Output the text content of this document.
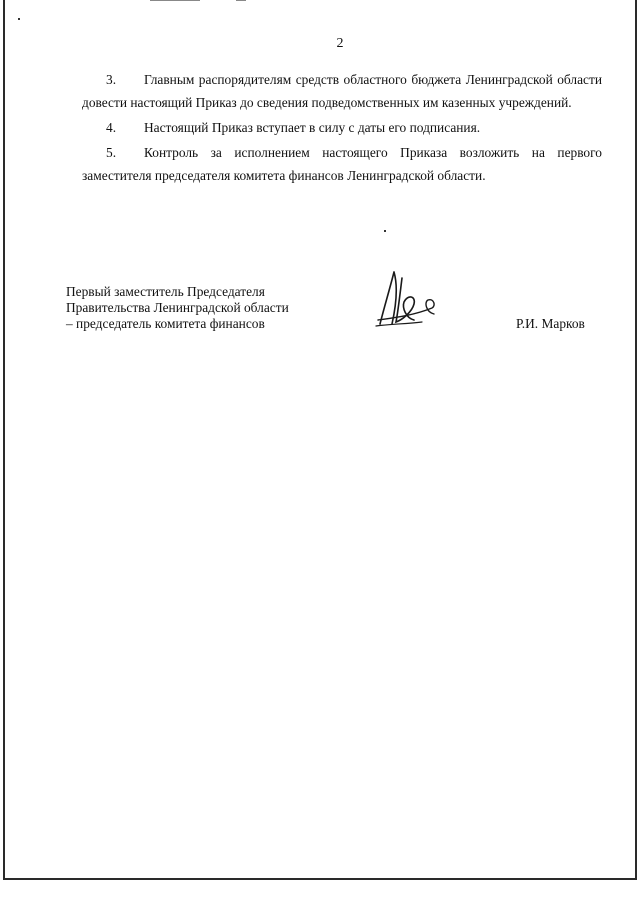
2

3. Главным распорядителям средств областного бюджета Ленинградской области довести настоящий Приказ до сведения подведомственных им казенных учреждений.

4. Настоящий Приказ вступает в силу с даты его подписания.

5. Контроль за исполнением настоящего Приказа возложить на первого заместителя председателя комитета финансов Ленинградской области.

Первый заместитель Председателя
Правительства Ленинградской области
– председатель комитета финансов	Р.И. Марков
